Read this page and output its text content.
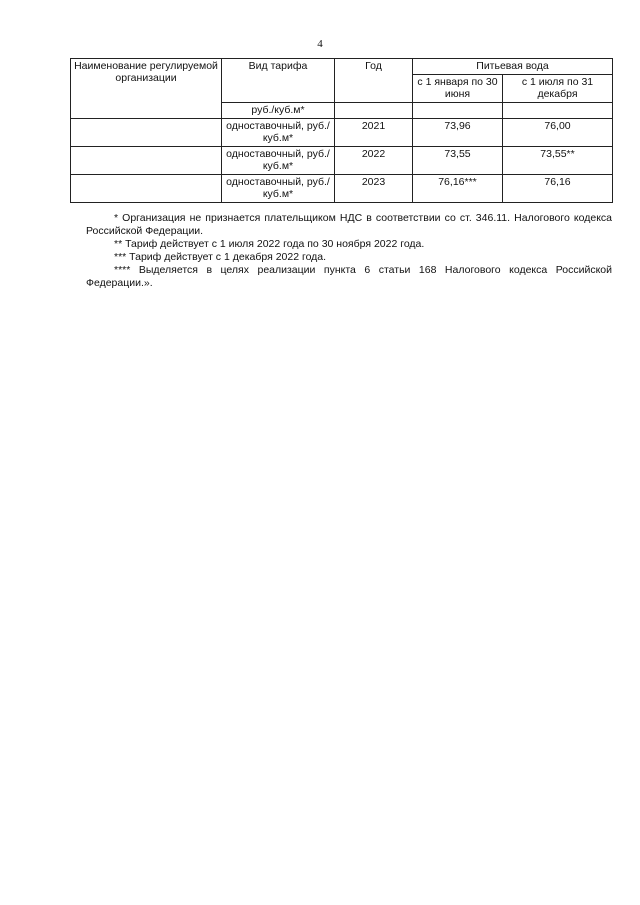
4
Наименование регулируемой организации	Вид тарифа	Год	Питьевая вода	
			с 1 января по 30 июня	с 1 июля по 31 декабря
	руб./куб.м*			
	одноставочный, руб./куб.м*	2021	73,96	76,00
	одноставочный, руб./куб.м*	2022	73,55	73,55**
	одноставочный, руб./куб.м*	2023	76,16***	76,16

* Организация не признается плательщиком НДС в соответствии со ст. 346.11. Налогового кодекса Российской Федерации.

** Тариф действует с 1 июля 2022 года по 30 ноября 2022 года.

*** Тариф действует с 1 декабря 2022 года.

**** Выделяется в целях реализации пункта 6 статьи 168 Налогового кодекса Российской Федерации.».
